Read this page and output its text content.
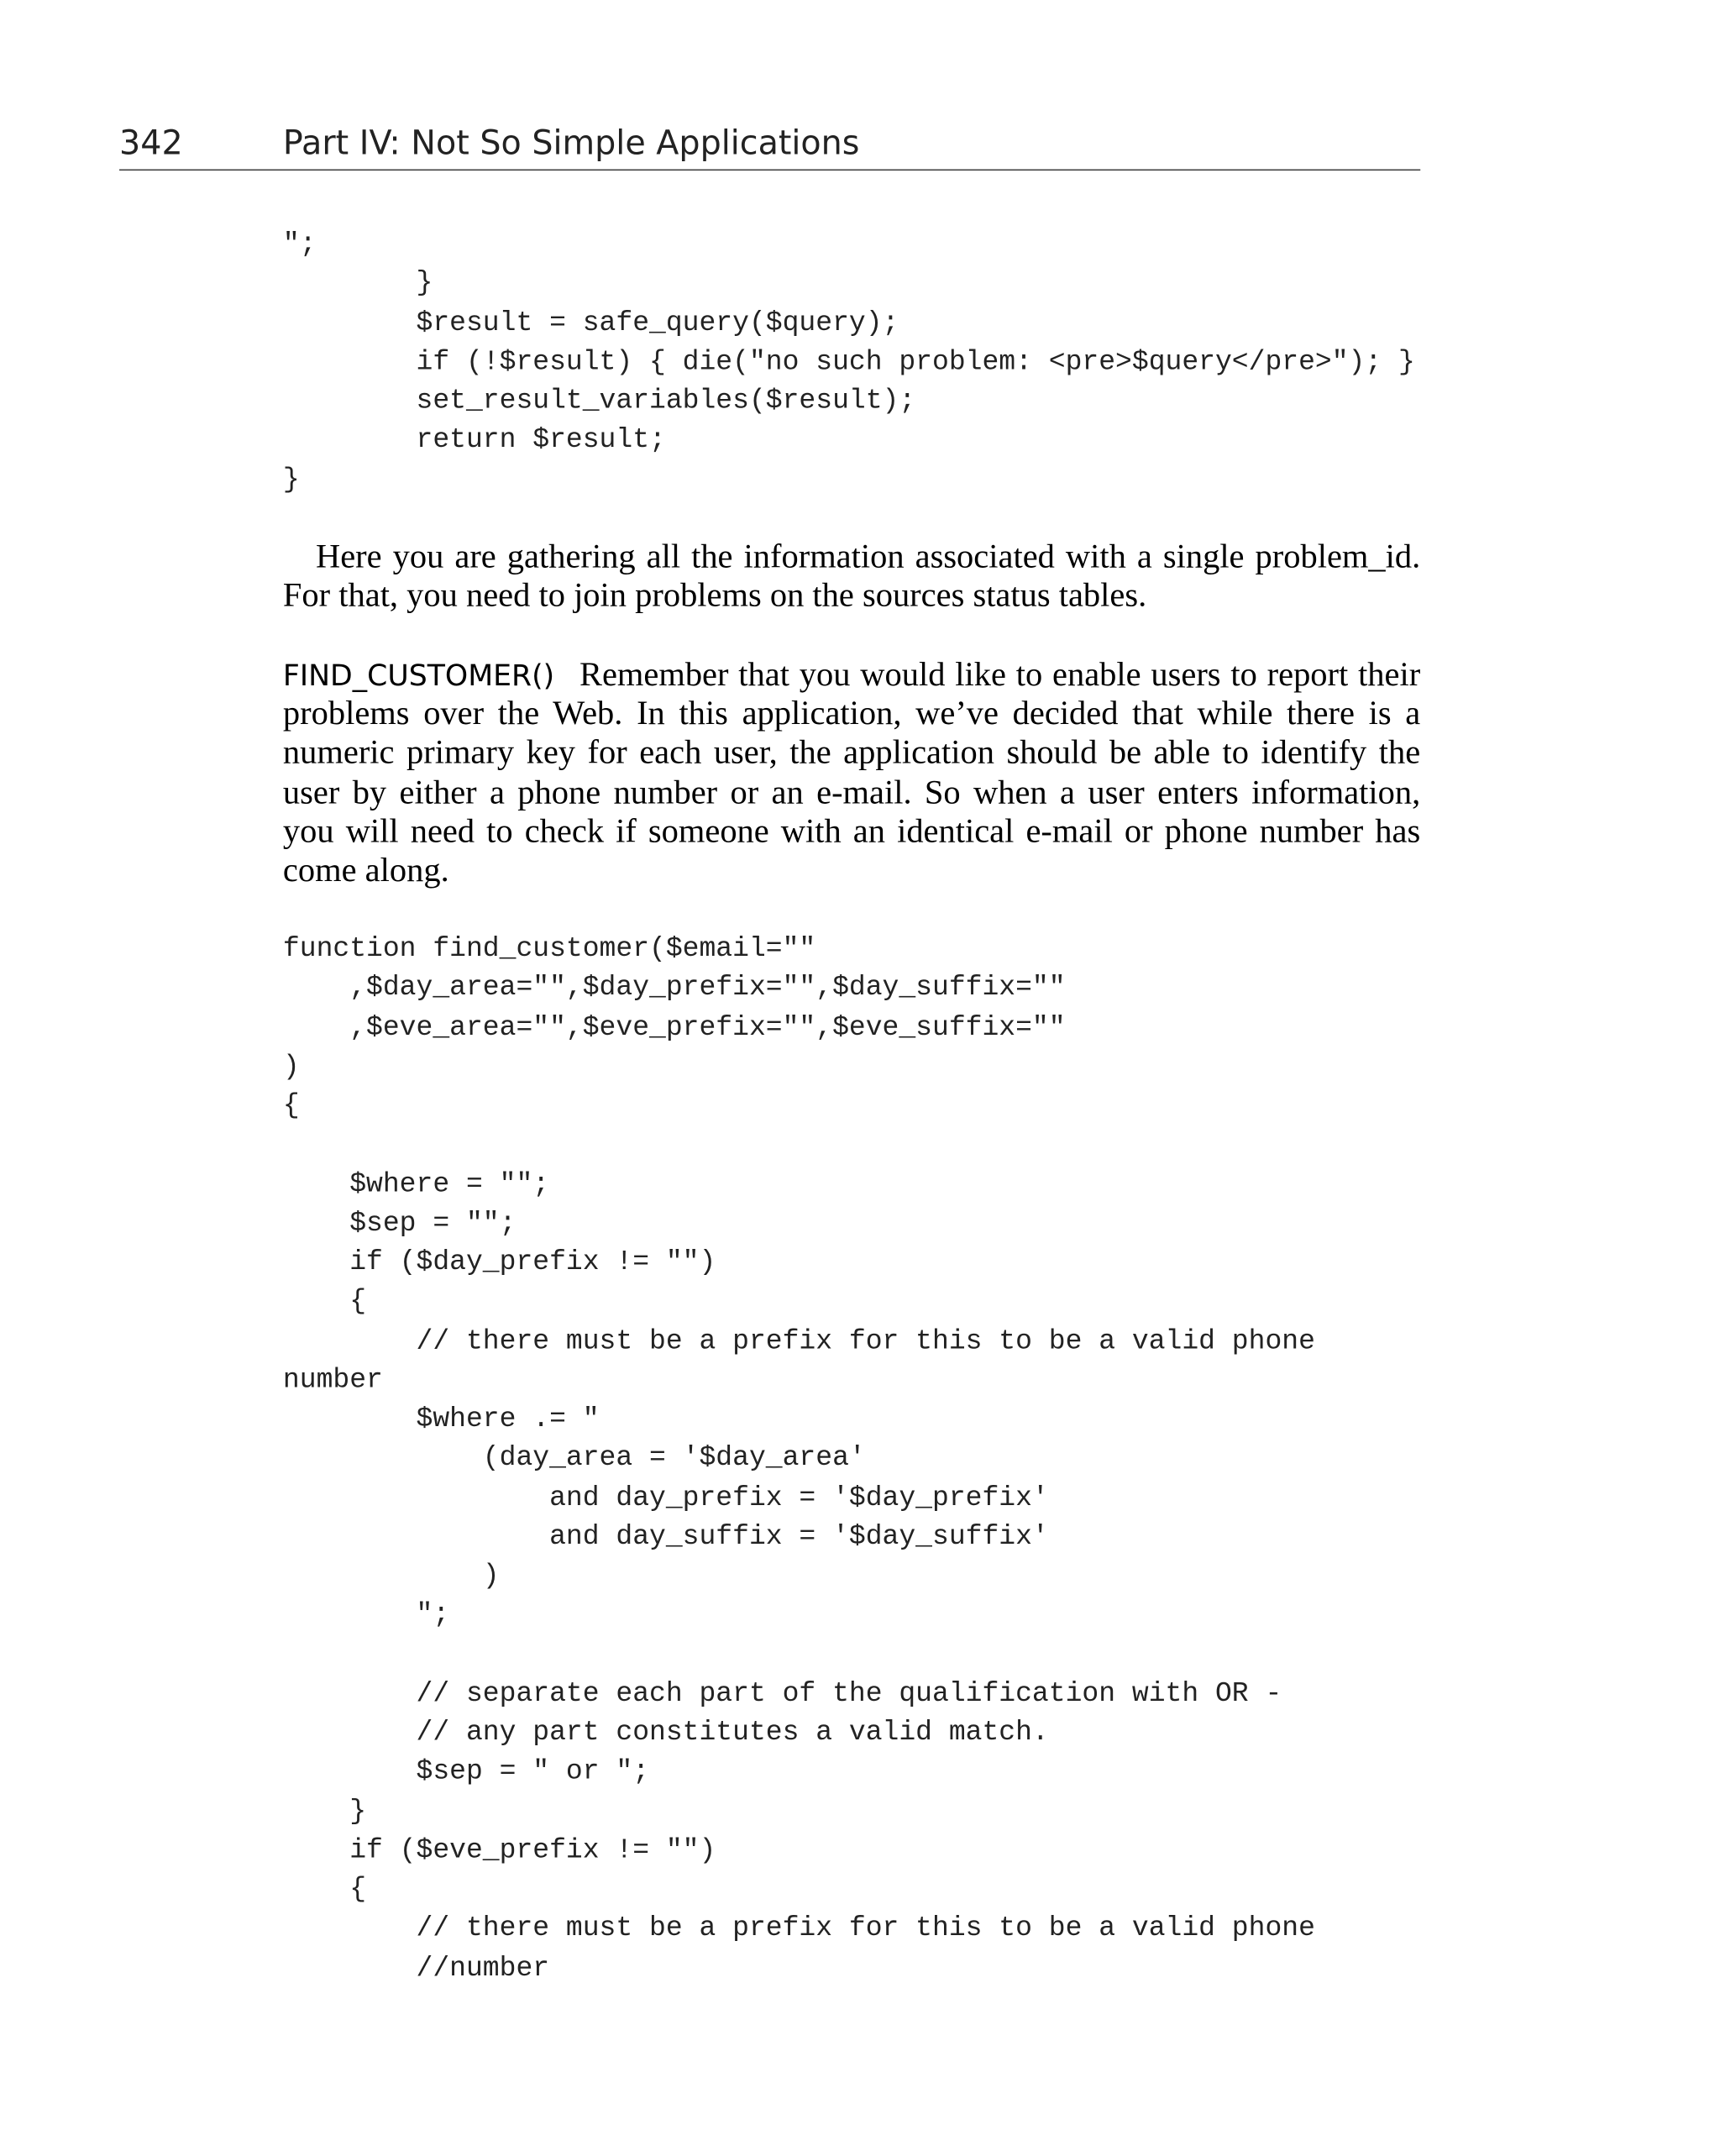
342	Part IV: Not So Simple Applications
";
}
$result = safe_query($query);
if (!$result) { die("no such problem: <pre>$query</pre>"); }
set_result_variables($result);
return $result;
}
Here you are gathering all the information associated with a single problem_id.
For that, you need to join problems on the sources status tables.
FIND_CUSTOMER() Remember that you would like to enable users to report their
problems over the Web. In this application, we’ve decided that while there is a
numeric primary key for each user, the application should be able to identify the
user by either a phone number or an e-mail. So when a user enters information,
you will need to check if someone with an identical e-mail or phone number has
come along.
function find_customer($email=""
,$day_area="",$day_prefix="",$day_suffix=""
,$eve_area="",$eve_prefix="",$eve_suffix=""
)
{
$where = "";
$sep = "";
if ($day_prefix != "")
{
// there must be a prefix for this to be a valid phone
number
$where .= "
(day_area = '$day_area'
and day_prefix = '$day_prefix'
and day_suffix = '$day_suffix'
)
";
// separate each part of the qualification with OR -
// any part constitutes a valid match.
$sep = " or ";
}
if ($eve_prefix != "")
{
// there must be a prefix for this to be a valid phone
//number
